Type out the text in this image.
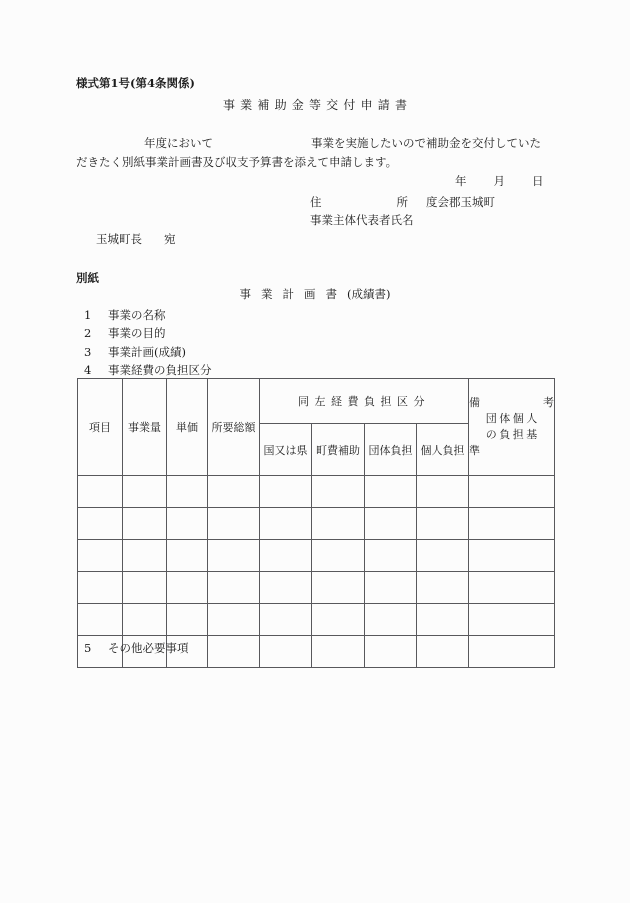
様式第1号(第4条関係)
事業補助金等交付申請書
年度において	事業を実施したいので補助金を交付していた
だきたく別紙事業計画書及び収支予算書を添えて申請します。
年 月 日
住所 度会郡玉城町
事業主体代表者氏名
玉城町長 宛
別紙
事業計画書(成績書)
1 事業の名称
2 事業の目的
3 事業計画(成績)
4 事業経費の負担区分
項目	事業量	単価	所要総額	同左経費負担区分				備考
団体個人
の負担基
準

				国又は県	町費補助	団体負担	個人負担	

5 その他必要事項
